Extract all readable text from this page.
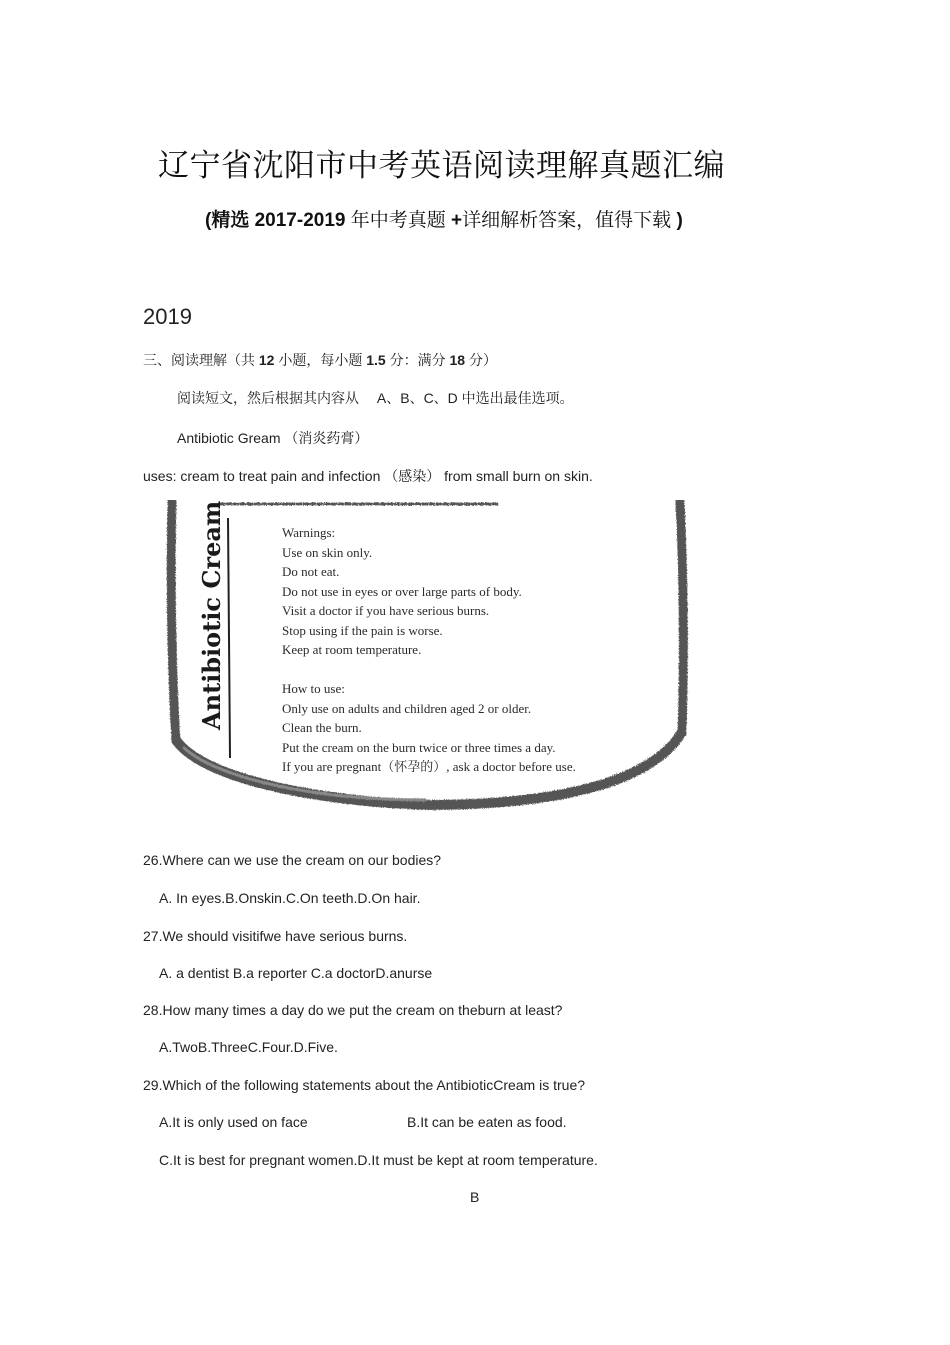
辽宁省沈阳市中考英语阅读理解真题汇编
(精选 2017-2019 年中考真题 +详细解析答案，值得下载 )
2019
三、阅读理解（共 12 小题，每小题 1.5 分：满分 18 分）
阅读短文，然后根据其内容从　 A、B、C、D 中选出最佳选项。
Antibiotic Gream （消炎药膏）
uses: cream to treat pain and infection （感染） from small burn on skin.
Antibiotic Cream	Warnings:
Use on skin only.
Do not eat.
Do not use in eyes or over large parts of body.
Visit a doctor if you have serious burns.
Stop using if the pain is worse.
Keep at room temperature.
How to use:
Only use on adults and children aged 2 or older.
Clean the burn.
Put the cream on the burn twice or three times a day.
If you are pregnant（怀孕的）, ask a doctor before use.
26.Where can we use the cream on our bodies?
A. In eyes.B.Onskin.C.On teeth.D.On hair.
27.We should visitifwe have serious burns.
A. a dentist B.a reporter C.a doctorD.anurse
28.How many times a day do we put the cream on theburn at least?
A.TwoB.ThreeC.Four.D.Five.
29.Which of the following statements about the AntibioticCream is true?
A.It is only used on face	B.It can be eaten as food.
C.It is best for pregnant women.D.It must be kept at room temperature.
B
